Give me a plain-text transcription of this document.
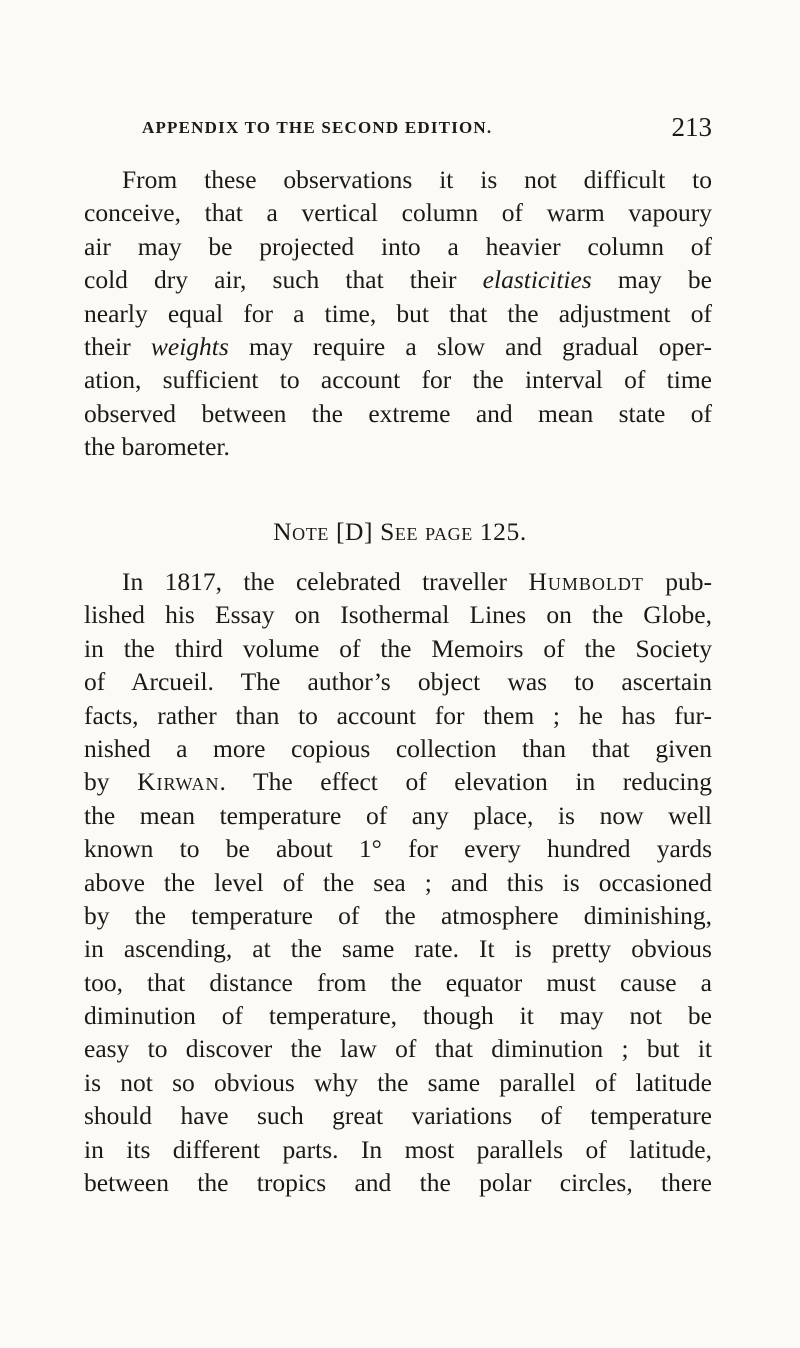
APPENDIX TO THE SECOND EDITION.	213
From these observations it is not difficult to
conceive, that a vertical column of warm vapoury
air may be projected into a heavier column of
cold dry air, such that their elasticities may be
nearly equal for a time, but that the adjustment of
their weights may require a slow and gradual oper-
ation, sufficient to account for the interval of time
observed between the extreme and mean state of
the barometer.
Note [D] See page 125.
In 1817, the celebrated traveller Humboldt pub-
lished his Essay on Isothermal Lines on the Globe,
in the third volume of the Memoirs of the Society
of Arcueil. The author’s object was to ascertain
facts, rather than to account for them ; he has fur-
nished a more copious collection than that given
by Kirwan. The effect of elevation in reducing
the mean temperature of any place, is now well
known to be about 1° for every hundred yards
above the level of the sea ; and this is occasioned
by the temperature of the atmosphere diminishing,
in ascending, at the same rate. It is pretty obvious
too, that distance from the equator must cause a
diminution of temperature, though it may not be
easy to discover the law of that diminution ; but it
is not so obvious why the same parallel of latitude
should have such great variations of temperature
in its different parts. In most parallels of latitude,
between the tropics and the polar circles, there
